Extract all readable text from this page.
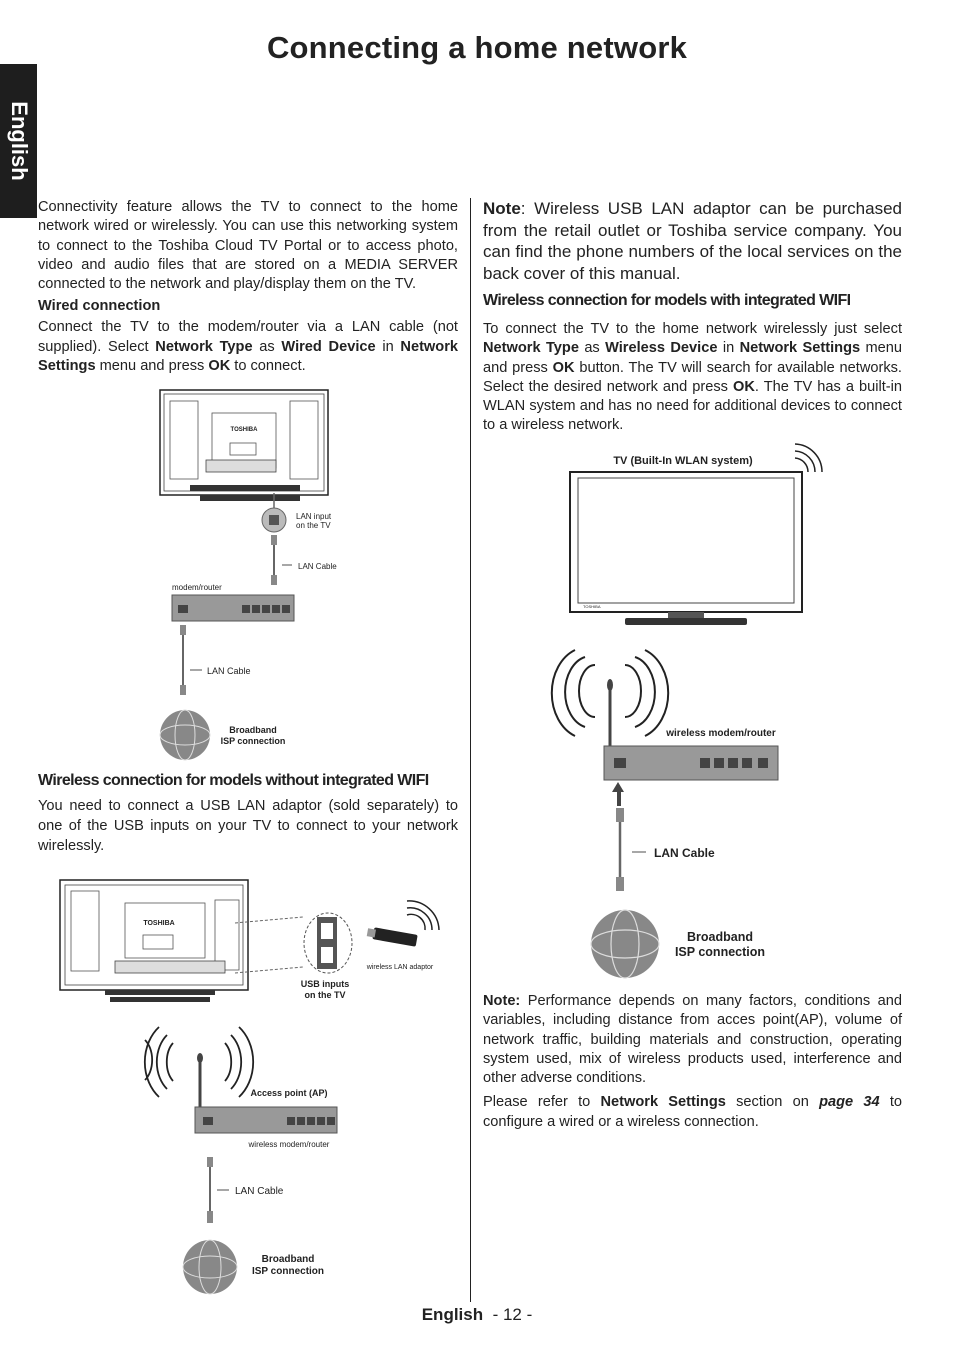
Connecting a home network
English

Connectivity feature allows the TV to connect to the home network wired or wirelessly. You can use this networking system to connect to the Toshiba Cloud TV Portal or to access photo, video and audio files that are stored on a MEDIA SERVER connected to the network and play/display them on the TV.

Wired connection

Connect the TV to the modem/router via a LAN cable (not supplied). Select Network Type as Wired Device in Network Settings menu and press OK to connect.

Wireless connection for models without integrated WIFI

You need to connect a USB LAN adaptor (sold separately) to one of the USB inputs on your TV to connect to your network wirelessly.

Note: Wireless USB LAN adaptor can be purchased from the retail outlet or Toshiba service company. You can find the phone numbers of the local services on the back cover of this manual.

Wireless connection for models with integrated WIFI

To connect the TV to the home network wirelessly just select Network Type as Wireless Device in Network Settings menu and press OK button. The TV will search for available networks. Select the desired network and press OK. The TV has a built-in WLAN system and has no need for additional devices to connect to a wireless network.

Note: Performance depends on many factors, conditions and variables, including distance from acces point(AP), volume of network traffic, building materials and construction, operating system used, mix of wireless products used, interference and other adverse conditions.

Please refer to Network Settings section on page 34 to configure a wired or a wireless connection.

TOSHIBA
LAN input
on the TV
LAN Cable
modem/router
LAN Cable
Broadband
ISP connection
TOSHIBA
USB inputs
on the TV
wireless LAN adaptor
Access point (AP)
wireless modem/router
LAN Cable
Broadband
ISP connection
TV (Built-In WLAN system)
TOSHIBA
wireless modem/router
LAN Cable
Broadband
ISP connection
English - 12 -
